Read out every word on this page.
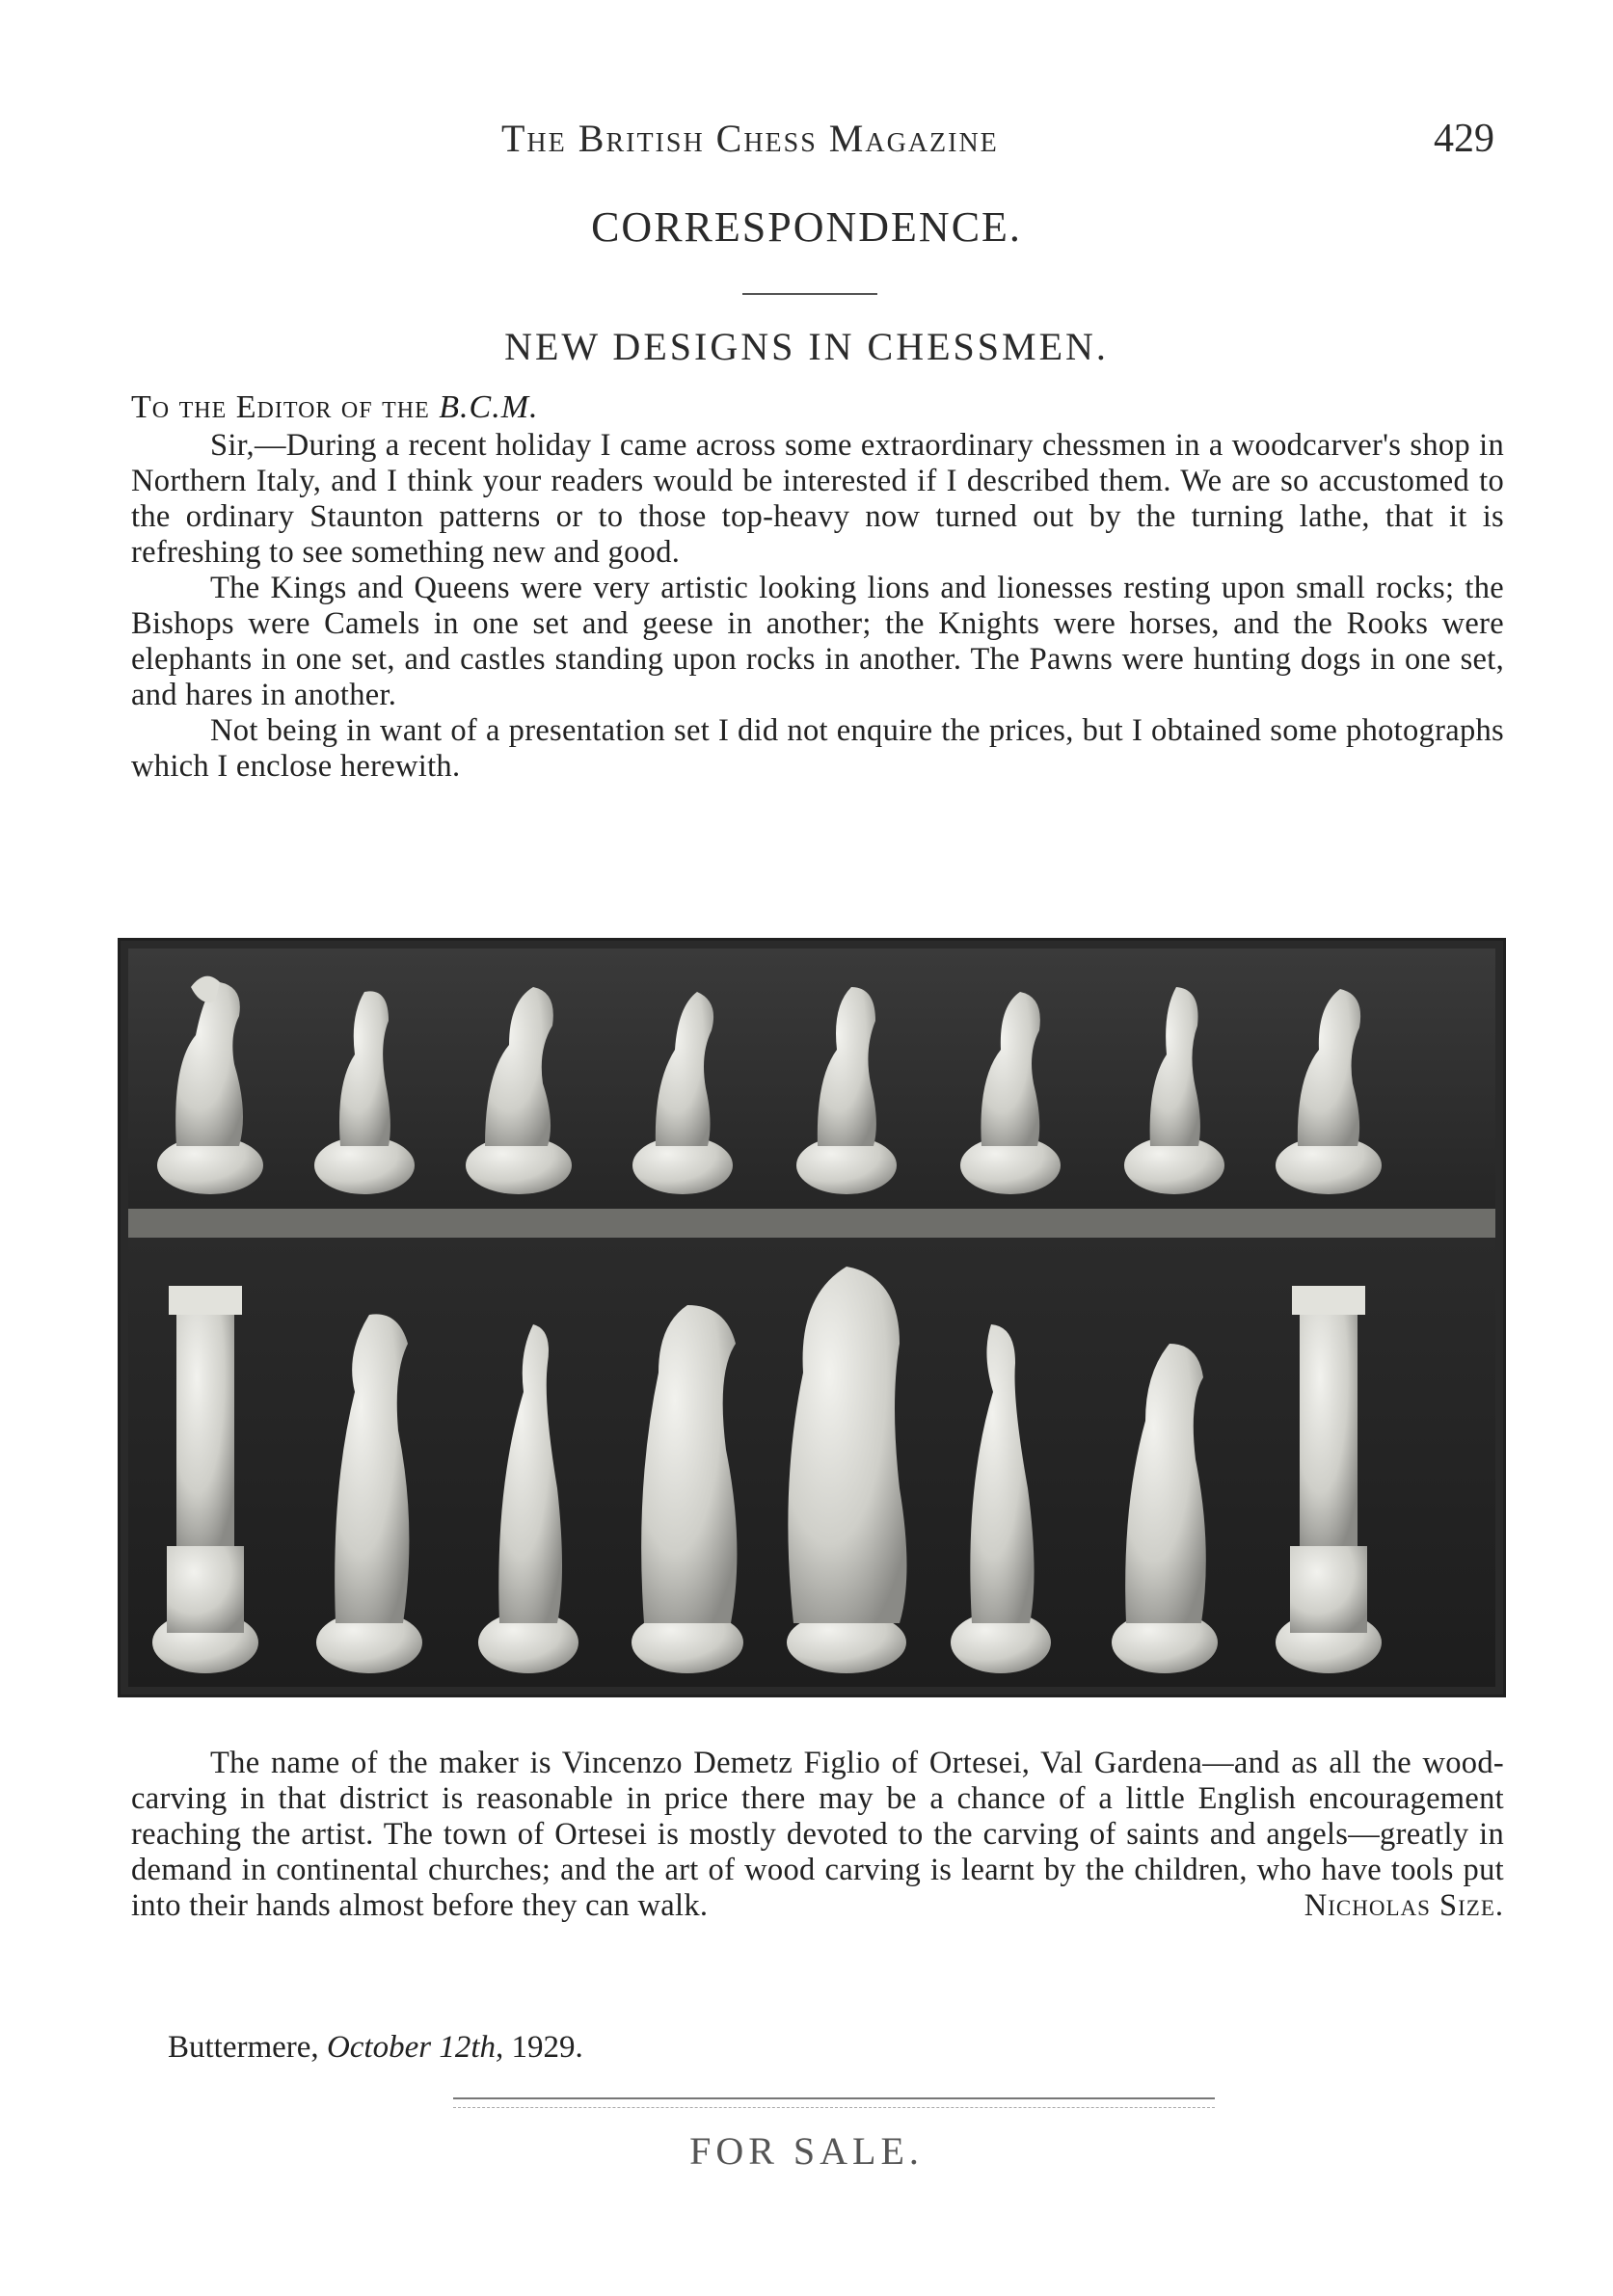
The British Chess Magazine	429
CORRESPONDENCE.
NEW DESIGNS IN CHESSMEN.
To the Editor of the B.C.M.

Sir,—During a recent holiday I came across some extraordinary chessmen in a woodcarver's shop in Northern Italy, and I think your readers would be interested if I described them. We are so accustomed to the ordinary Staunton patterns or to those top-heavy now turned out by the turning lathe, that it is refreshing to see something new and good.

The Kings and Queens were very artistic looking lions and lionesses resting upon small rocks; the Bishops were Camels in one set and geese in another; the Knights were horses, and the Rooks were elephants in one set, and castles standing upon rocks in another. The Pawns were hunting dogs in one set, and hares in another.

Not being in want of a presentation set I did not enquire the prices, but I obtained some photographs which I enclose herewith.

The name of the maker is Vincenzo Demetz Figlio of Ortesei, Val Gardena—and as all the wood-carving in that district is reasonable in price there may be a chance of a little English encouragement reaching the artist. The town of Ortesei is mostly devoted to the carving of saints and angels—greatly in demand in continental churches; and the art of wood carving is learnt by the children, who have tools put into their hands almost before they can walk.	Nicholas Size.

Buttermere, October 12th, 1929.
FOR SALE.
